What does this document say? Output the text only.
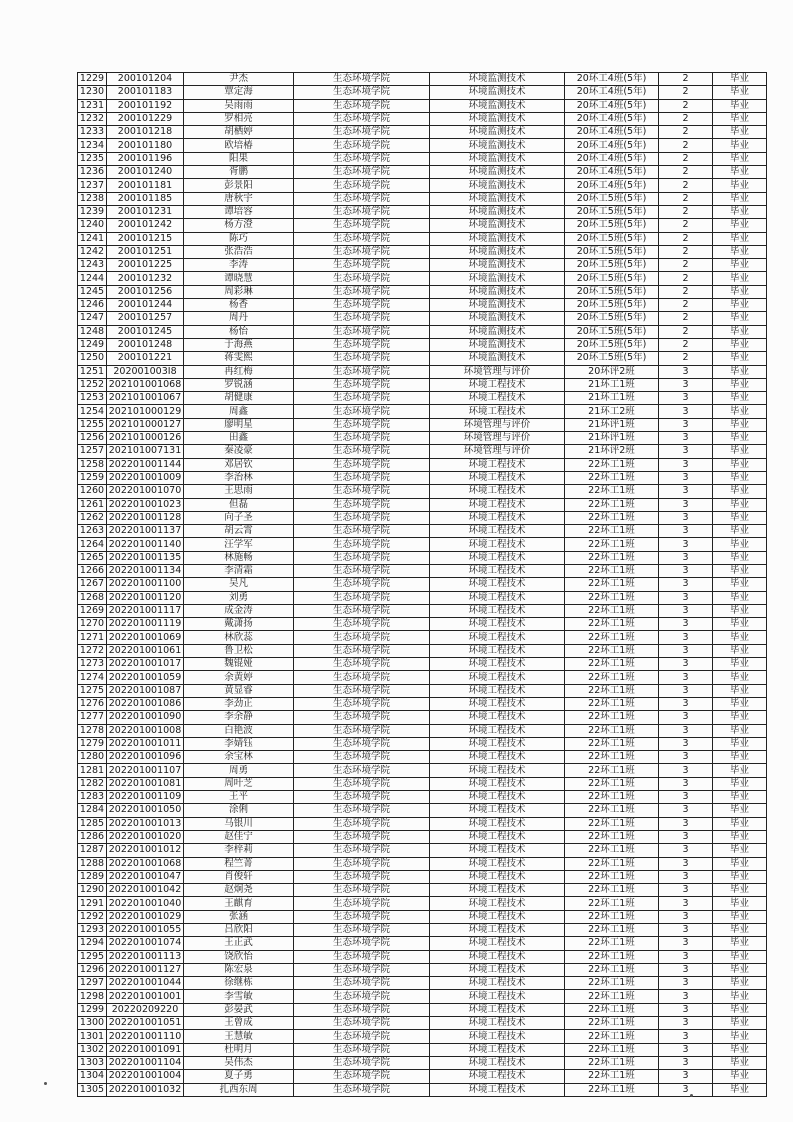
1229	200101204	尹杰	生态环境学院	环境监测技术	20环工4班(5年)	2	毕业
1230	200101183	覃定海	生态环境学院	环境监测技术	20环工4班(5年)	2	毕业
1231	200101192	吴雨雨	生态环境学院	环境监测技术	20环工4班(5年)	2	毕业
1232	200101229	罗相亮	生态环境学院	环境监测技术	20环工4班(5年)	2	毕业
1233	200101218	胡栖婷	生态环境学院	环境监测技术	20环工4班(5年)	2	毕业
1234	200101180	欧培椿	生态环境学院	环境监测技术	20环工4班(5年)	2	毕业
1235	200101196	阳果	生态环境学院	环境监测技术	20环工4班(5年)	2	毕业
1236	200101240	胥鹏	生态环境学院	环境监测技术	20环工4班(5年)	2	毕业
1237	200101181	彭景阳	生态环境学院	环境监测技术	20环工4班(5年)	2	毕业
1238	200101185	唐秋宇	生态环境学院	环境监测技术	20环工5班(5年)	2	毕业
1239	200101231	谭培容	生态环境学院	环境监测技术	20环工5班(5年)	2	毕业
1240	200101242	杨方澄	生态环境学院	环境监测技术	20环工5班(5年)	2	毕业
1241	200101215	陈巧	生态环境学院	环境监测技术	20环工5班(5年)	2	毕业
1242	200101251	张浩浩	生态环境学院	环境监测技术	20环工5班(5年)	2	毕业
1243	200101225	李涛	生态环境学院	环境监测技术	20环工5班(5年)	2	毕业
1244	200101232	谭晓慧	生态环境学院	环境监测技术	20环工5班(5年)	2	毕业
1245	200101256	周彩琳	生态环境学院	环境监测技术	20环工5班(5年)	2	毕业
1246	200101244	杨香	生态环境学院	环境监测技术	20环工5班(5年)	2	毕业
1247	200101257	周丹	生态环境学院	环境监测技术	20环工5班(5年)	2	毕业
1248	200101245	杨怡	生态环境学院	环境监测技术	20环工5班(5年)	2	毕业
1249	200101248	于海燕	生态环境学院	环境监测技术	20环工5班(5年)	2	毕业
1250	200101221	蒋雯熙	生态环境学院	环境监测技术	20环工5班(5年)	2	毕业
1251	202001003I8	冉红梅	生态环境学院	环境管理与评价	20环评2班	3	毕业
1252	202101001068	罗锐涵	生态环境学院	环境工程技术	21环工1班	3	毕业
1253	202101001067	胡健康	生态环境学院	环境工程技术	21环工1班	3	毕业
1254	202101000129	周鑫	生态环境学院	环境工程技术	21环工2班	3	毕业
1255	202101000127	廖明星	生态环境学院	环境管理与评价	21环评1班	3	毕业
1256	202101000126	田鑫	生态环境学院	环境管理与评价	21环评1班	3	毕业
1257	202101007131	秦凌豪	生态环境学院	环境管理与评价	21环评2班	3	毕业
1258	202201001144	邓居钦	生态环境学院	环境工程技术	22环工1班	3	毕业
1259	202201001009	李治林	生态环境学院	环境工程技术	22环工1班	3	毕业
1260	202201001070	王思雨	生态环境学院	环境工程技术	22环工1班	3	毕业
1261	202201001023	但磊	生态环境学院	环境工程技术	22环工1班	3	毕业
1262	202201001128	向子圣	生态环境学院	环境工程技术	22环工1班	3	毕业
1263	202201001137	胡云霄	生态环境学院	环境工程技术	22环工1班	3	毕业
1264	202201001140	汪学军	生态环境学院	环境工程技术	22环工1班	3	毕业
1265	202201001135	林施畅	生态环境学院	环境工程技术	22环工1班	3	毕业
1266	202201001134	李清霜	生态环境学院	环境工程技术	22环工1班	3	毕业
1267	202201001100	吴凡	生态环境学院	环境工程技术	22环工1班	3	毕业
1268	202201001120	刘勇	生态环境学院	环境工程技术	22环工1班	3	毕业
1269	202201001117	成金涛	生态环境学院	环境工程技术	22环工1班	3	毕业
1270	202201001119	戴潇扬	生态环境学院	环境工程技术	22环工1班	3	毕业
1271	202201001069	林欣蕊	生态环境学院	环境工程技术	22环工1班	3	毕业
1272	202201001061	鲁卫松	生态环境学院	环境工程技术	22环工1班	3	毕业
1273	202201001017	魏锟娅	生态环境学院	环境工程技术	22环工1班	3	毕业
1274	202201001059	余黄婷	生态环境学院	环境工程技术	22环工1班	3	毕业
1275	202201001087	黄显睿	生态环境学院	环境工程技术	22环工1班	3	毕业
1276	202201001086	李劲正	生态环境学院	环境工程技术	22环工1班	3	毕业
1277	202201001090	李余静	生态环境学院	环境工程技术	22环工1班	3	毕业
1278	202201001008	白艳波	生态环境学院	环境工程技术	22环工1班	3	毕业
1279	202201001011	李婧钰	生态环境学院	环境工程技术	22环工1班	3	毕业
1280	202201001096	余宝林	生态环境学院	环境工程技术	22环工1班	3	毕业
1281	202201001107	周勇	生态环境学院	环境工程技术	22环工1班	3	毕业
1282	202201001081	周叶芝	生态环境学院	环境工程技术	22环工1班	3	毕业
1283	202201001109	王平	生态环境学院	环境工程技术	22环工1班	3	毕业
1284	202201001050	涂俐	生态环境学院	环境工程技术	22环工1班	3	毕业
1285	202201001013	马银川	生态环境学院	环境工程技术	22环工1班	3	毕业
1286	202201001020	赵佳宁	生态环境学院	环境工程技术	22环工1班	3	毕业
1287	202201001012	李梓莉	生态环境学院	环境工程技术	22环工1班	3	毕业
1288	202201001068	程竺菁	生态环境学院	环境工程技术	22环工1班	3	毕业
1289	202201001047	肖俊轩	生态环境学院	环境工程技术	22环工1班	3	毕业
1290	202201001042	赵炯尧	生态环境学院	环境工程技术	22环工1班	3	毕业
1291	202201001040	王麒育	生态环境学院	环境工程技术	22环工1班	3	毕业
1292	202201001029	张涵	生态环境学院	环境工程技术	22环工1班	3	毕业
1293	202201001055	吕欣阳	生态环境学院	环境工程技术	22环工1班	3	毕业
1294	202201001074	王正武	生态环境学院	环境工程技术	22环工1班	3	毕业
1295	202201001113	饶欣怡	生态环境学院	环境工程技术	22环工1班	3	毕业
1296	202201001127	陈宏泉	生态环境学院	环境工程技术	22环工1班	3	毕业
1297	202201001044	徐继栋	生态环境学院	环境工程技术	22环工1班	3	毕业
1298	202201001001	李雪敏	生态环境学院	环境工程技术	22环工1班	3	毕业
1299	20220209220	彭晏武	生态环境学院	环境工程技术	22环工1班	3	毕业
1300	202201001051	王曾成	生态环境学院	环境工程技术	22环工1班	3	毕业
1301	202201001110	王慧敏	生态环境学院	环境工程技术	22环工1班	3	毕业
1302	202201001091	杜明月	生态环境学院	环境工程技术	22环工1班	3	毕业
1303	202201001104	吴伟杰	生态环境学院	环境工程技术	22环工1班	3	毕业
1304	202201001004	夏子勇	生态环境学院	环境工程技术	22环工1班	3	毕业
1305	202201001032	扎西东周	生态环境学院	环境工程技术	22环工1班	3	毕业
